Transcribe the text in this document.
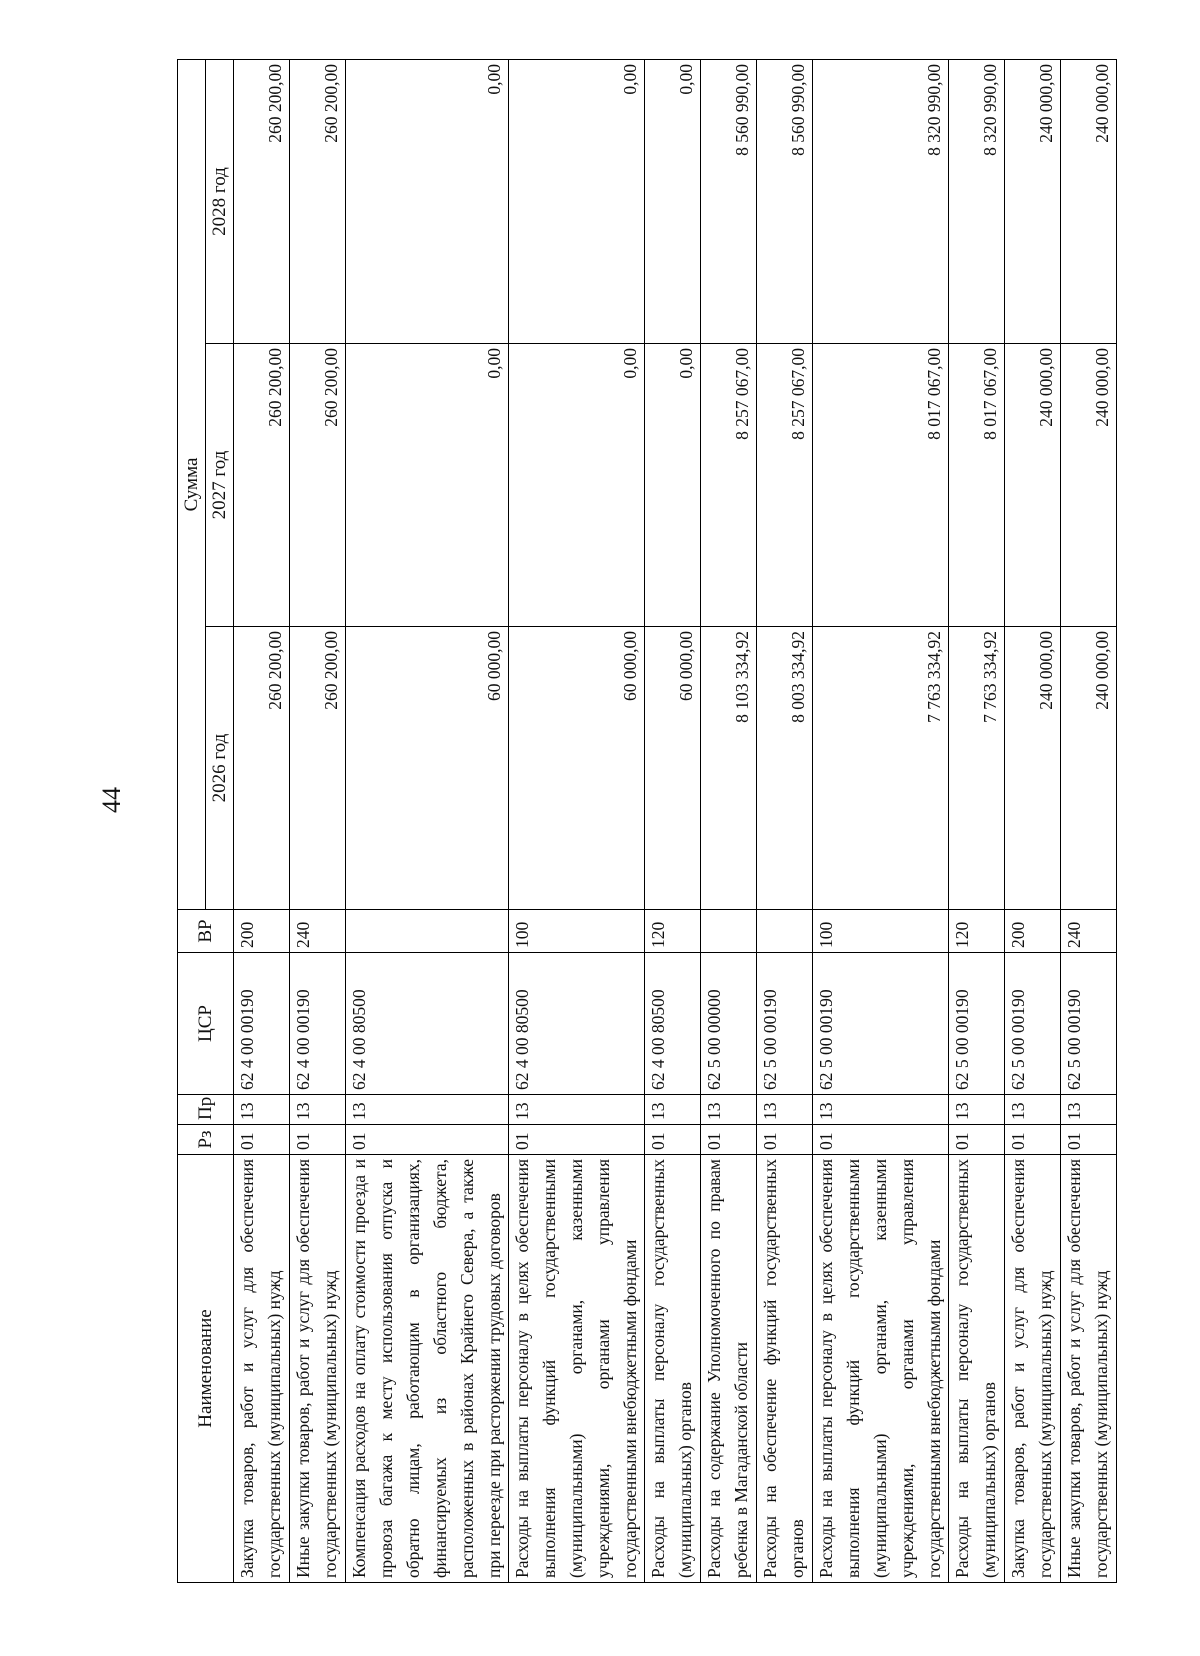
44
Наименование	Рз	Пр	ЦСР	ВР	Сумма		
					2026 год	2027 год	2028 год
Закупка товаров, работ и услуг для обеспечения государственных (муниципальных) нужд	01	13	62 4 00 00190	200	260 200,00	260 200,00	260 200,00
Иные закупки товаров, работ и услуг для обеспечения государственных (муниципальных) нужд	01	13	62 4 00 00190	240	260 200,00	260 200,00	260 200,00
Компенсация расходов на оплату стоимости проезда и провоза багажа к месту использования отпуска и обратно лицам, работающим в организациях, финансируемых из областного бюджета, расположенных в районах Крайнего Севера, а также при переезде при расторжении трудовых договоров	01	13	62 4 00 80500		60 000,00	0,00	0,00
Расходы на выплаты персоналу в целях обеспечения выполнения функций государственными (муниципальными) органами, казенными учреждениями, органами управления государственными внебюджетными фондами	01	13	62 4 00 80500	100	60 000,00	0,00	0,00
Расходы на выплаты персоналу государственных (муниципальных) органов	01	13	62 4 00 80500	120	60 000,00	0,00	0,00
Расходы на содержание Уполномоченного по правам ребенка в Магаданской области	01	13	62 5 00 00000		8 103 334,92	8 257 067,00	8 560 990,00
Расходы на обеспечение функций государственных органов	01	13	62 5 00 00190		8 003 334,92	8 257 067,00	8 560 990,00
Расходы на выплаты персоналу в целях обеспечения выполнения функций государственными (муниципальными) органами, казенными учреждениями, органами управления государственными внебюджетными фондами	01	13	62 5 00 00190	100	7 763 334,92	8 017 067,00	8 320 990,00
Расходы на выплаты персоналу государственных (муниципальных) органов	01	13	62 5 00 00190	120	7 763 334,92	8 017 067,00	8 320 990,00
Закупка товаров, работ и услуг для обеспечения государственных (муниципальных) нужд	01	13	62 5 00 00190	200	240 000,00	240 000,00	240 000,00
Иные закупки товаров, работ и услуг для обеспечения государственных (муниципальных) нужд	01	13	62 5 00 00190	240	240 000,00	240 000,00	240 000,00
